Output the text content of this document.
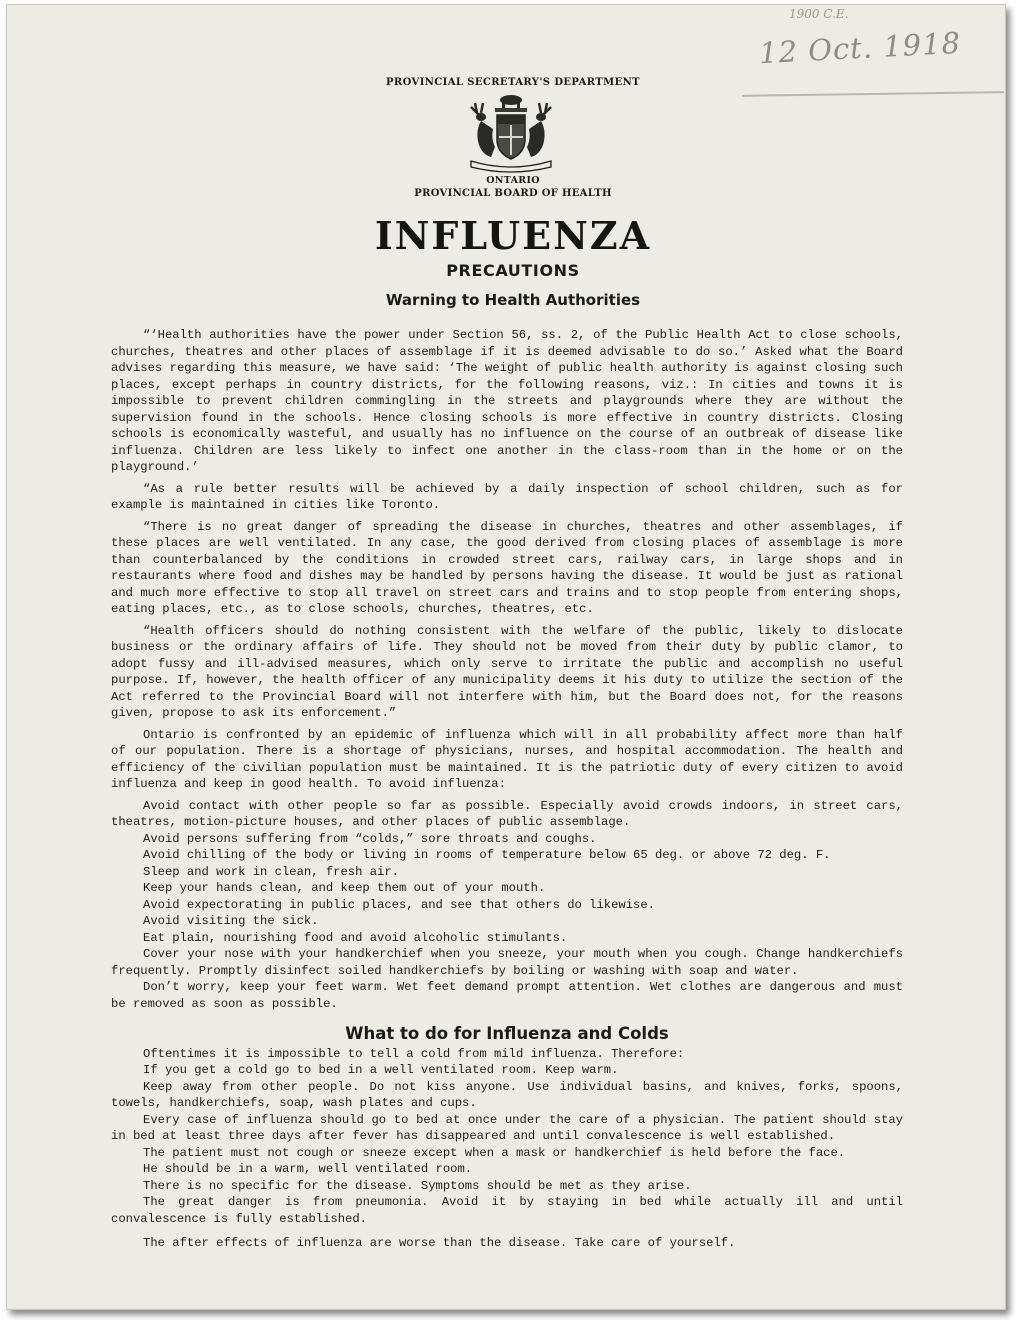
1900 C.E.
12 Oct. 1918
PROVINCIAL SECRETARY'S DEPARTMENT
ONTARIO
PROVINCIAL BOARD OF HEALTH
INFLUENZA
PRECAUTIONS
Warning to Health Authorities

“‘Health authorities have the power under Section 56, ss. 2, of the Public Health Act to close schools, churches, theatres and other places of assemblage if it is deemed advisable to do so.’ Asked what the Board advises regarding this measure, we have said: ‘The weight of public health authority is against closing such places, except perhaps in country districts, for the following reasons, viz.: In cities and towns it is impossible to prevent children commingling in the streets and playgrounds where they are without the supervision found in the schools. Hence closing schools is more effective in country districts. Closing schools is economically wasteful, and usually has no influence on the course of an outbreak of disease like influenza. Children are less likely to infect one another in the class-room than in the home or on the playground.’

“As a rule better results will be achieved by a daily inspection of school children, such as for example is maintained in cities like Toronto.

“There is no great danger of spreading the disease in churches, theatres and other assemblages, if these places are well ventilated. In any case, the good derived from closing places of assemblage is more than counterbalanced by the conditions in crowded street cars, railway cars, in large shops and in restaurants where food and dishes may be handled by persons having the disease. It would be just as rational and much more effective to stop all travel on street cars and trains and to stop people from entering shops, eating places, etc., as to close schools, churches, theatres, etc.

“Health officers should do nothing consistent with the welfare of the public, likely to dislocate business or the ordinary affairs of life. They should not be moved from their duty by public clamor, to adopt fussy and ill-advised measures, which only serve to irritate the public and accomplish no useful purpose. If, however, the health officer of any municipality deems it his duty to utilize the section of the Act referred to the Provincial Board will not interfere with him, but the Board does not, for the reasons given, propose to ask its enforcement.”

Ontario is confronted by an epidemic of influenza which will in all probability affect more than half of our population. There is a shortage of physicians, nurses, and hospital accommodation. The health and efficiency of the civilian population must be maintained. It is the patriotic duty of every citizen to avoid influenza and keep in good health. To avoid influenza:

Avoid contact with other people so far as possible. Especially avoid crowds indoors, in street cars, theatres, motion-picture houses, and other places of public assemblage.
Avoid persons suffering from “colds,” sore throats and coughs.
Avoid chilling of the body or living in rooms of temperature below 65 deg. or above 72 deg. F.
Sleep and work in clean, fresh air.
Keep your hands clean, and keep them out of your mouth.
Avoid expectorating in public places, and see that others do likewise.
Avoid visiting the sick.
Eat plain, nourishing food and avoid alcoholic stimulants.
Cover your nose with your handkerchief when you sneeze, your mouth when you cough. Change handkerchiefs frequently. Promptly disinfect soiled handkerchiefs by boiling or washing with soap and water.
Don’t worry, keep your feet warm. Wet feet demand prompt attention. Wet clothes are dangerous and must be removed as soon as possible.
What to do for Influenza and Colds
Oftentimes it is impossible to tell a cold from mild influenza. Therefore:
If you get a cold go to bed in a well ventilated room. Keep warm.
Keep away from other people. Do not kiss anyone. Use individual basins, and knives, forks, spoons, towels, handkerchiefs, soap, wash plates and cups.
Every case of influenza should go to bed at once under the care of a physician. The patient should stay in bed at least three days after fever has disappeared and until convalescence is well established.
The patient must not cough or sneeze except when a mask or handkerchief is held before the face.
He should be in a warm, well ventilated room.
There is no specific for the disease. Symptoms should be met as they arise.
The great danger is from pneumonia. Avoid it by staying in bed while actually ill and until convalescence is fully established.
The after effects of influenza are worse than the disease. Take care of yourself.
